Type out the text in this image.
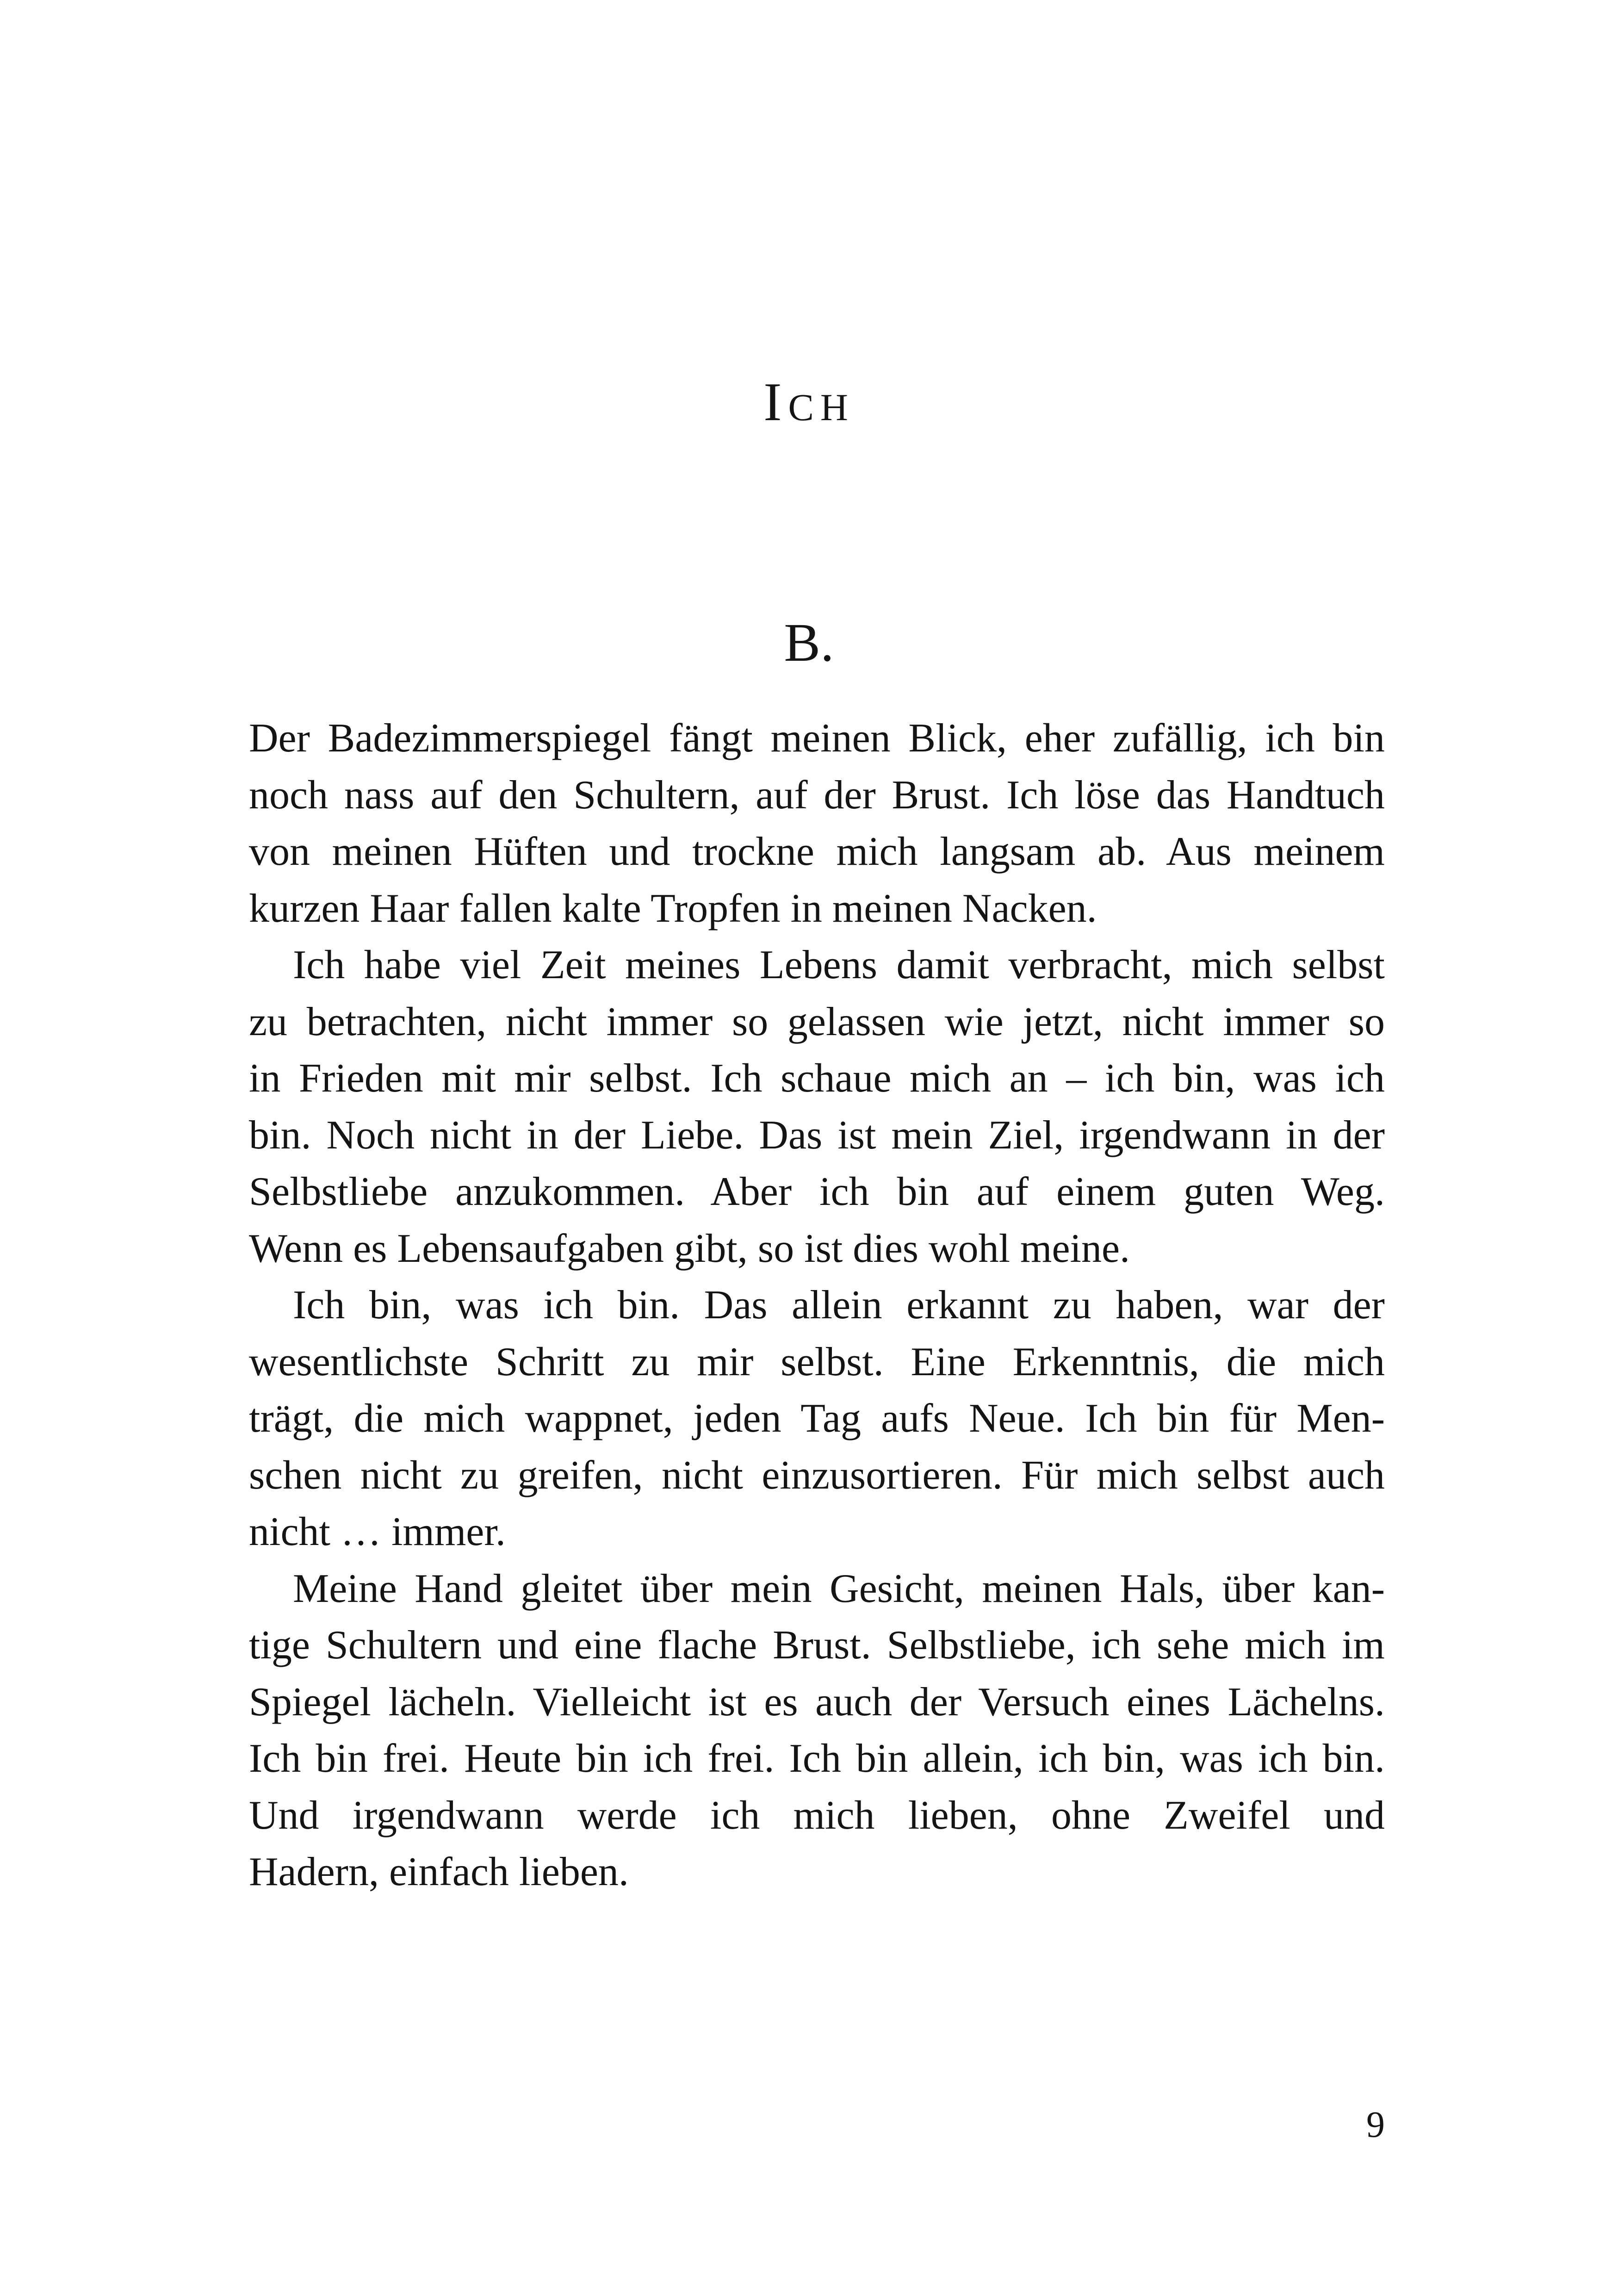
Ich
B.

Der Badezimmerspiegel fängt meinen Blick, eher zufällig, ich bin
noch nass auf den Schultern, auf der Brust. Ich löse das Handtuch
von meinen Hüften und trockne mich langsam ab. Aus meinem
kurzen Haar fallen kalte Tropfen in meinen Nacken.

Ich habe viel Zeit meines Lebens damit verbracht, mich selbst
zu betrachten, nicht immer so gelassen wie jetzt, nicht immer so
in Frieden mit mir selbst. Ich schaue mich an – ich bin, was ich
bin. Noch nicht in der Liebe. Das ist mein Ziel, irgendwann in der
Selbstliebe anzukommen. Aber ich bin auf einem guten Weg.
Wenn es Lebensaufgaben gibt, so ist dies wohl meine.

Ich bin, was ich bin. Das allein erkannt zu haben, war der
wesentlichste Schritt zu mir selbst. Eine Erkenntnis, die mich
trägt, die mich wappnet, jeden Tag aufs Neue. Ich bin für Men-
schen nicht zu greifen, nicht einzusortieren. Für mich selbst auch
nicht … immer.

Meine Hand gleitet über mein Gesicht, meinen Hals, über kan-
tige Schultern und eine flache Brust. Selbstliebe, ich sehe mich im
Spiegel lächeln. Vielleicht ist es auch der Versuch eines Lächelns.
Ich bin frei. Heute bin ich frei. Ich bin allein, ich bin, was ich bin.
Und irgendwann werde ich mich lieben, ohne Zweifel und
Hadern, einfach lieben.

9
